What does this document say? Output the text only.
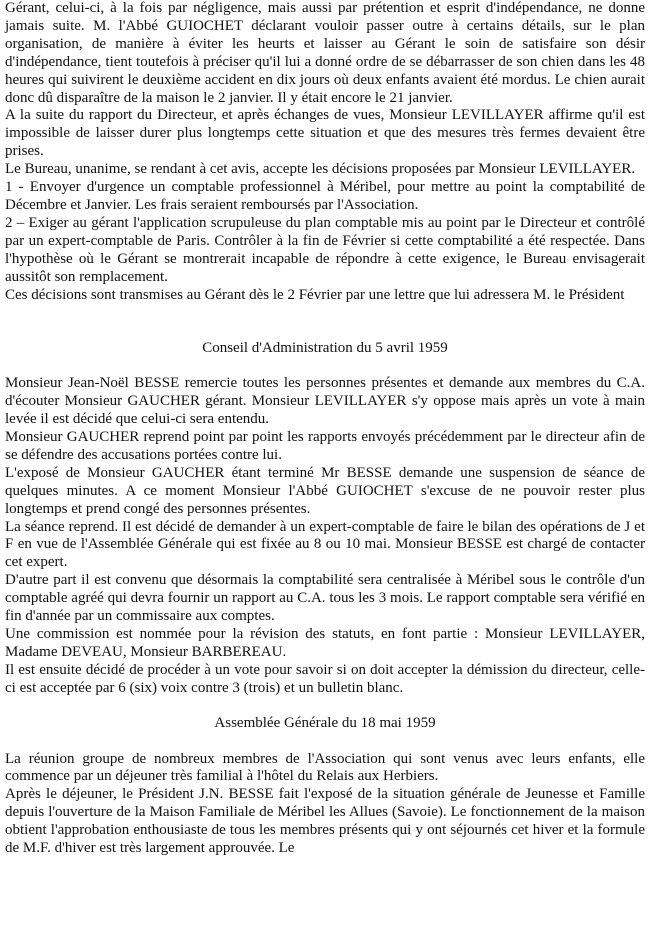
Gérant, celui-ci, à la fois par négligence, mais aussi par prétention et esprit d'indépendance, ne donne jamais suite. M. l'Abbé GUIOCHET déclarant vouloir passer outre à certains détails, sur le plan organisation, de manière à éviter les heurts et laisser au Gérant le soin de satisfaire son désir d'indépendance, tient toutefois à préciser qu'il lui a donné ordre de se débarrasser de son chien dans les 48 heures qui suivirent le deuxième accident en dix jours où deux enfants avaient été mordus. Le chien aurait donc dû disparaître de la maison le 2 janvier. Il y était encore le 21 janvier.

A la suite du rapport du Directeur, et après échanges de vues, Monsieur LEVILLAYER affirme qu'il est impossible de laisser durer plus longtemps cette situation et que des mesures très fermes devaient être prises.

Le Bureau, unanime, se rendant à cet avis, accepte les décisions proposées par Monsieur LEVILLAYER.

1 - Envoyer d'urgence un comptable professionnel à Méribel, pour mettre au point la comptabilité de Décembre et Janvier. Les frais seraient remboursés par l'Association.

2 – Exiger au gérant l'application scrupuleuse du plan comptable mis au point par le Directeur et contrôlé par un expert-comptable de Paris. Contrôler à la fin de Février si cette comptabilité a été respectée. Dans l'hypothèse où le Gérant se montrerait incapable de répondre à cette exigence, le Bureau envisagerait aussitôt son remplacement.

Ces décisions sont transmises au Gérant dès le 2 Février par une lettre que lui adressera M. le Président

Conseil d'Administration du 5 avril 1959

Monsieur Jean-Noël BESSE remercie toutes les personnes présentes et demande aux membres du C.A. d'écouter Monsieur GAUCHER gérant. Monsieur LEVILLAYER s'y oppose mais après un vote à main levée il est décidé que celui-ci sera entendu.

Monsieur GAUCHER reprend point par point les rapports envoyés précédemment par le directeur afin de se défendre des accusations portées contre lui.

L'exposé de Monsieur GAUCHER étant terminé Mr BESSE demande une suspension de séance de quelques minutes. A ce moment Monsieur l'Abbé GUIOCHET s'excuse de ne pouvoir rester plus longtemps et prend congé des personnes présentes.

La séance reprend. Il est décidé de demander à un expert-comptable de faire le bilan des opérations de J et F en vue de l'Assemblée Générale qui est fixée au 8 ou 10 mai. Monsieur BESSE est chargé de contacter cet expert.

D'autre part il est convenu que désormais la comptabilité sera centralisée à Méribel sous le contrôle d'un comptable agréé qui devra fournir un rapport au C.A. tous les 3 mois. Le rapport comptable sera vérifié en fin d'année par un commissaire aux comptes.

Une commission est nommée pour la révision des statuts, en font partie : Monsieur LEVILLAYER, Madame DEVEAU, Monsieur BARBEREAU.

Il est ensuite décidé de procéder à un vote pour savoir si on doit accepter la démission du directeur, celle-ci est acceptée par 6 (six) voix contre 3 (trois) et un bulletin blanc.

Assemblée Générale du 18 mai 1959

La réunion groupe de nombreux membres de l'Association qui sont venus avec leurs enfants, elle commence par un déjeuner très familial à l'hôtel du Relais aux Herbiers.

Après le déjeuner, le Président J.N. BESSE fait l'exposé de la situation générale de Jeunesse et Famille depuis l'ouverture de la Maison Familiale de Méribel les Allues (Savoie). Le fonctionnement de la maison obtient l'approbation enthousiaste de tous les membres présents qui y ont séjournés cet hiver et la formule de M.F. d'hiver est très largement approuvée. Le
